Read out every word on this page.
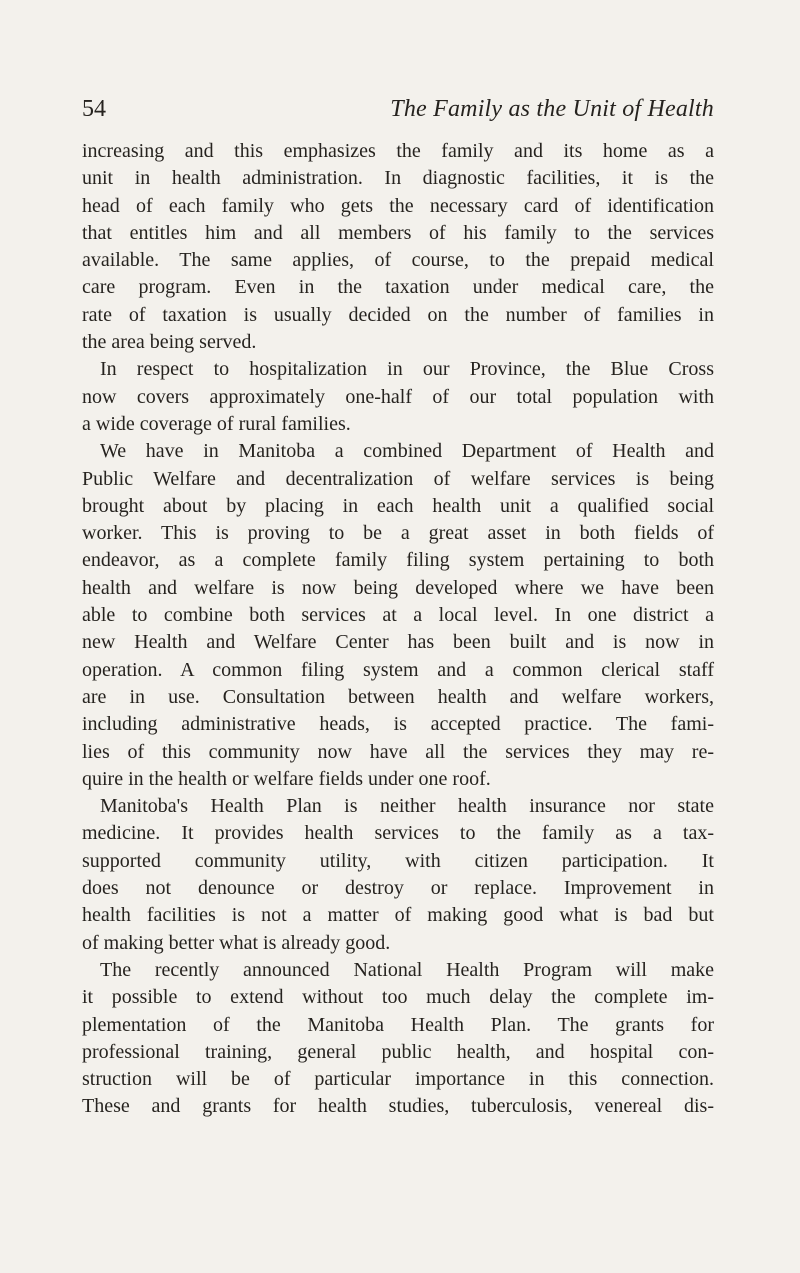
54	The Family as the Unit of Health
increasing and this emphasizes the family and its home as a
unit in health administration. In diagnostic facilities, it is the
head of each family who gets the necessary card of identification
that entitles him and all members of his family to the services
available. The same applies, of course, to the prepaid medical
care program. Even in the taxation under medical care, the
rate of taxation is usually decided on the number of families in
the area being served.
In respect to hospitalization in our Province, the Blue Cross
now covers approximately one-half of our total population with
a wide coverage of rural families.
We have in Manitoba a combined Department of Health and
Public Welfare and decentralization of welfare services is being
brought about by placing in each health unit a qualified social
worker. This is proving to be a great asset in both fields of
endeavor, as a complete family filing system pertaining to both
health and welfare is now being developed where we have been
able to combine both services at a local level. In one district a
new Health and Welfare Center has been built and is now in
operation. A common filing system and a common clerical staff
are in use. Consultation between health and welfare workers,
including administrative heads, is accepted practice. The fami-
lies of this community now have all the services they may re-
quire in the health or welfare fields under one roof.
Manitoba's Health Plan is neither health insurance nor state
medicine. It provides health services to the family as a tax-
supported community utility, with citizen participation. It
does not denounce or destroy or replace. Improvement in
health facilities is not a matter of making good what is bad but
of making better what is already good.
The recently announced National Health Program will make
it possible to extend without too much delay the complete im-
plementation of the Manitoba Health Plan. The grants for
professional training, general public health, and hospital con-
struction will be of particular importance in this connection.
These and grants for health studies, tuberculosis, venereal dis-
